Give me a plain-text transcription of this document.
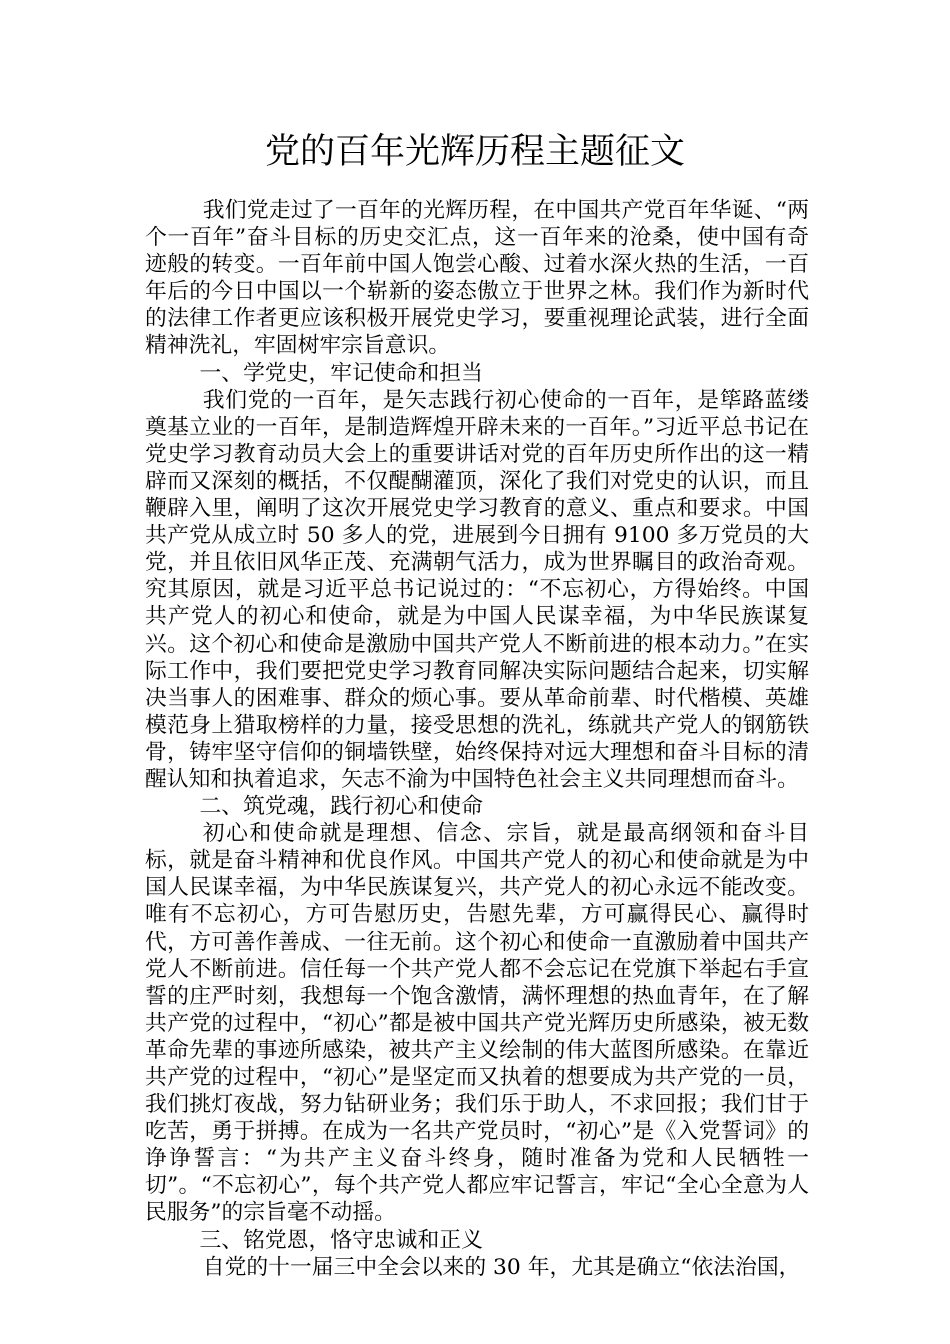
党的百年光辉历程主题征文

我们党走过了一百年的光辉历程，在中国共产党百年华诞、“两个一百年”奋斗目标的历史交汇点，这一百年来的沧桑，使中国有奇迹般的转变。一百年前中国人饱尝心酸、过着水深火热的生活，一百年后的今日中国以一个崭新的姿态傲立于世界之林。我们作为新时代的法律工作者更应该积极开展党史学习，要重视理论武装，进行全面精神洗礼，牢固树牢宗旨意识。

一、学党史，牢记使命和担当

我们党的一百年，是矢志践行初心使命的一百年，是筚路蓝缕奠基立业的一百年，是制造辉煌开辟未来的一百年。”习近平总书记在党史学习教育动员大会上的重要讲话对党的百年历史所作出的这一精辟而又深刻的概括，不仅醍醐灌顶，深化了我们对党史的认识，而且鞭辟入里，阐明了这次开展党史学习教育的意义、重点和要求。中国共产党从成立时 50 多人的党，进展到今日拥有 9100 多万党员的大党，并且依旧风华正茂、充满朝气活力，成为世界瞩目的政治奇观。究其原因，就是习近平总书记说过的：“不忘初心，方得始终。中国共产党人的初心和使命，就是为中国人民谋幸福，为中华民族谋复兴。这个初心和使命是激励中国共产党人不断前进的根本动力。”在实际工作中，我们要把党史学习教育同解决实际问题结合起来，切实解决当事人的困难事、群众的烦心事。要从革命前辈、时代楷模、英雄模范身上猎取榜样的力量，接受思想的洗礼，练就共产党人的钢筋铁骨，铸牢坚守信仰的铜墙铁壁，始终保持对远大理想和奋斗目标的清醒认知和执着追求，矢志不渝为中国特色社会主义共同理想而奋斗。

二、筑党魂，践行初心和使命

初心和使命就是理想、信念、宗旨，就是最高纲领和奋斗目标，就是奋斗精神和优良作风。中国共产党人的初心和使命就是为中国人民谋幸福，为中华民族谋复兴，共产党人的初心永远不能改变。唯有不忘初心，方可告慰历史，告慰先辈，方可赢得民心、赢得时代，方可善作善成、一往无前。这个初心和使命一直激励着中国共产党人不断前进。信任每一个共产党人都不会忘记在党旗下举起右手宣誓的庄严时刻，我想每一个饱含激情，满怀理想的热血青年，在了解共产党的过程中，“初心”都是被中国共产党光辉历史所感染，被无数革命先辈的事迹所感染，被共产主义绘制的伟大蓝图所感染。在靠近共产党的过程中，“初心”是坚定而又执着的想要成为共产党的一员，我们挑灯夜战，努力钻研业务；我们乐于助人，不求回报；我们甘于吃苦，勇于拼搏。在成为一名共产党员时，“初心”是《入党誓词》的诤诤誓言：“为共产主义奋斗终身，随时准备为党和人民牺牲一切”。“不忘初心”，每个共产党人都应牢记誓言，牢记“全心全意为人民服务”的宗旨毫不动摇。

三、铭党恩，恪守忠诚和正义

自党的十一届三中全会以来的 30 年，尤其是确立“依法治国，
